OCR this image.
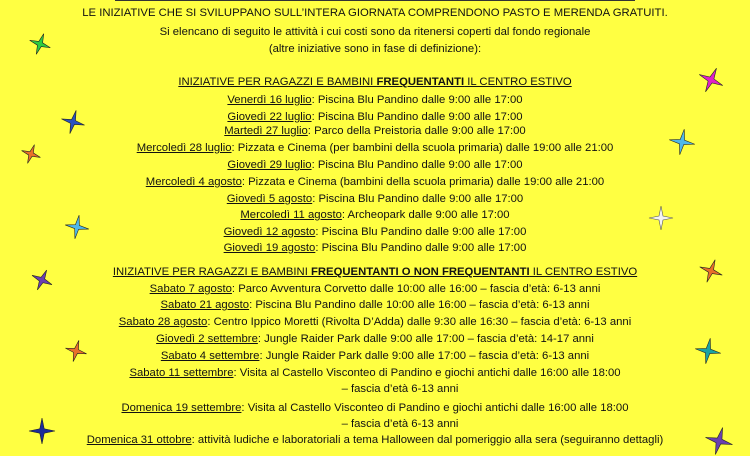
LE INIZIATIVE CHE SI SVILUPPANO SULL’INTERA GIORNATA COMPRENDONO PASTO E MERENDA GRATUITI.
Si elencano di seguito le attività i cui costi sono da ritenersi coperti dal fondo regionale
(altre iniziative sono in fase di definizione):
INIZIATIVE PER RAGAZZI E BAMBINI FREQUENTANTI IL CENTRO ESTIVO
Venerdì 16 luglio: Piscina Blu Pandino dalle 9:00 alle 17:00
Giovedì 22 luglio: Piscina Blu Pandino dalle 9:00 alle 17:00
Martedì 27 luglio: Parco della Preistoria dalle 9:00 alle 17:00
Mercoledì 28 luglio: Pizzata e Cinema (per bambini della scuola primaria) dalle 19:00 alle 21:00
Giovedì 29 luglio: Piscina Blu Pandino dalle 9:00 alle 17:00
Mercoledì 4 agosto: Pizzata e Cinema (bambini della scuola primaria) dalle 19:00 alle 21:00
Giovedì 5 agosto: Piscina Blu Pandino dalle 9:00 alle 17:00
Mercoledì 11 agosto: Archeopark dalle 9:00 alle 17:00
Giovedì 12 agosto: Piscina Blu Pandino dalle 9:00 alle 17:00
Giovedì 19 agosto: Piscina Blu Pandino dalle 9:00 alle 17:00
INIZIATIVE PER RAGAZZI E BAMBINI FREQUENTANTI O NON FREQUENTANTI IL CENTRO ESTIVO
Sabato 7 agosto: Parco Avventura Corvetto dalle 10:00 alle 16:00 – fascia d’età: 6-13 anni
Sabato 21 agosto: Piscina Blu Pandino dalle 10:00 alle 16:00 – fascia d’età: 6-13 anni
Sabato 28 agosto: Centro Ippico Moretti (Rivolta D’Adda) dalle 9:30 alle 16:30 – fascia d’età: 6-13 anni
Giovedì 2 settembre: Jungle Raider Park dalle 9:00 alle 17:00 – fascia d’età: 14-17 anni
Sabato 4 settembre: Jungle Raider Park dalle 9:00 alle 17:00 – fascia d’età: 6-13 anni
Sabato 11 settembre: Visita al Castello Visconteo di Pandino e giochi antichi dalle 16:00 alle 18:00
– fascia d’età 6-13 anni
Domenica 19 settembre: Visita al Castello Visconteo di Pandino e giochi antichi dalle 16:00 alle 18:00
– fascia d’età 6-13 anni
Domenica 31 ottobre: attività ludiche e laboratoriali a tema Halloween dal pomeriggio alla sera (seguiranno dettagli)
